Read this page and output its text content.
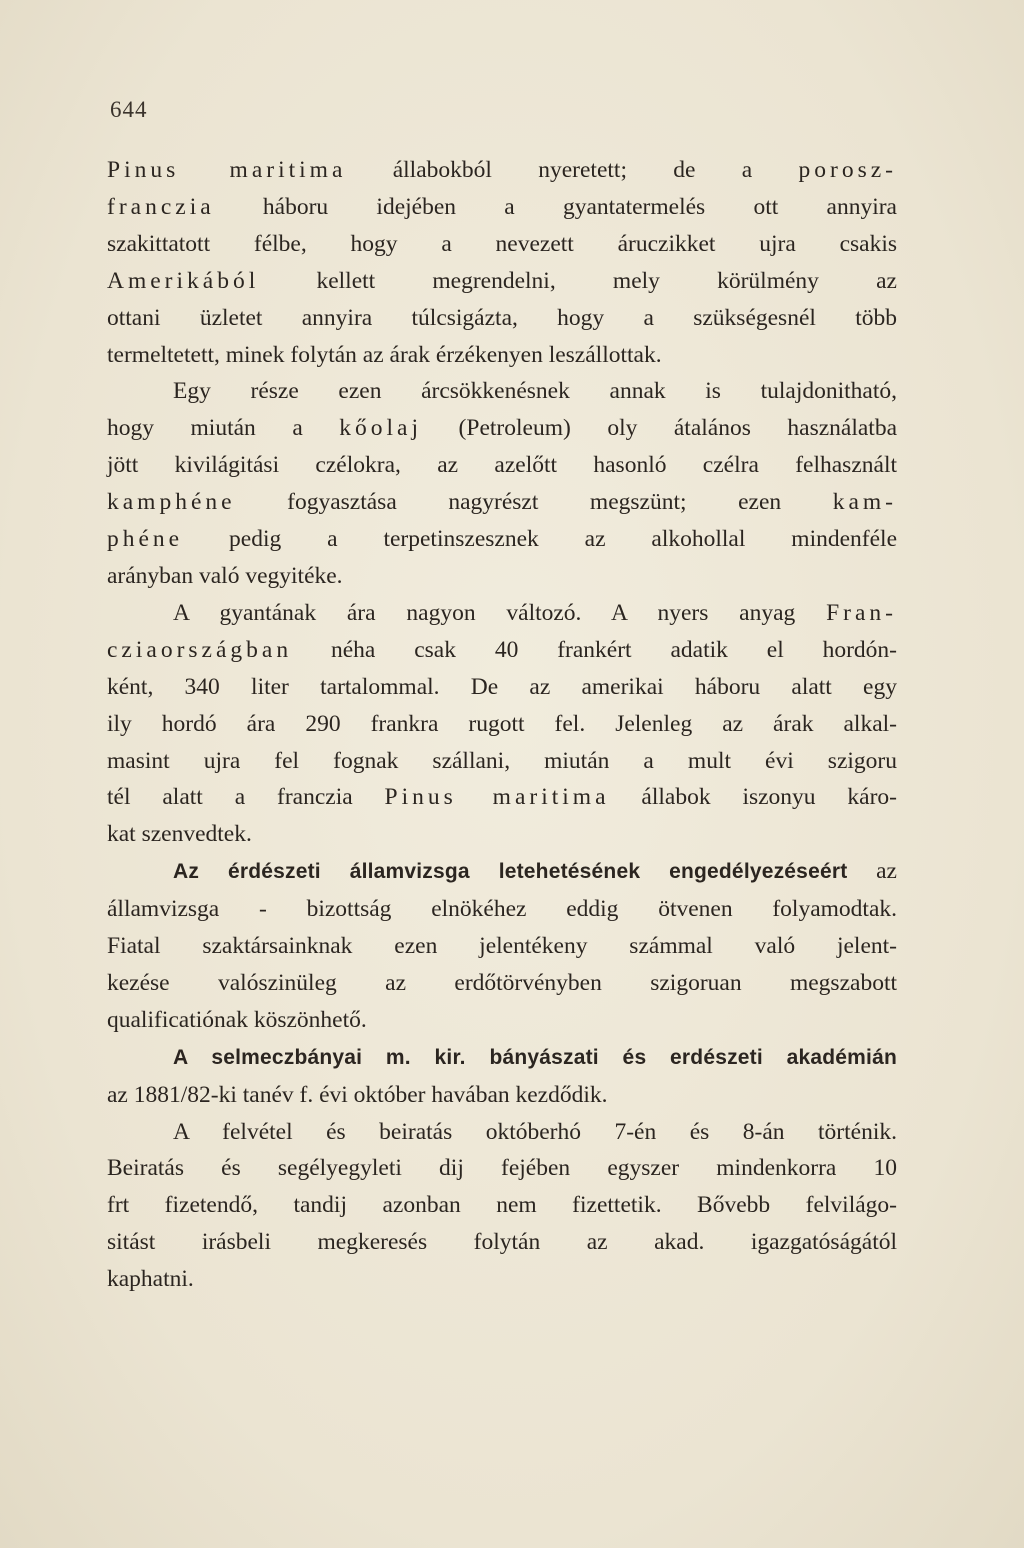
644
Pinus maritima állabokból nyeretett; de a porosz-
franczia háboru idejében a gyantatermelés ott annyira
szakittatott félbe, hogy a nevezett áruczikket ujra csakis
Amerikából kellett megrendelni, mely körülmény az
ottani üzletet annyira túlcsigázta, hogy a szükségesnél több
termeltetett, minek folytán az árak érzékenyen leszállottak.
Egy része ezen árcsökkenésnek annak is tulajdonitható,
hogy miután a kőolaj (Petroleum) oly átalános használatba
jött kivilágitási czélokra, az azelőtt hasonló czélra felhasznált
kamphéne fogyasztása nagyrészt megszünt; ezen kam-
phéne pedig a terpetinszesznek az alkohollal mindenféle
arányban való vegyitéke.
A gyantának ára nagyon változó. A nyers anyag Fran-
cziaországban néha csak 40 frankért adatik el hordón-
ként, 340 liter tartalommal. De az amerikai háboru alatt egy
ily hordó ára 290 frankra rugott fel. Jelenleg az árak alkal-
masint ujra fel fognak szállani, miután a mult évi szigoru
tél alatt a franczia Pinus maritima állabok iszonyu káro-
kat szenvedtek.
Az érdészeti államvizsga letehetésének engedélyezéseért az
államvizsga - bizottság elnökéhez eddig ötvenen folyamodtak.
Fiatal szaktársainknak ezen jelentékeny számmal való jelent-
kezése valószinüleg az erdőtörvényben szigoruan megszabott
qualificatiónak köszönhető.
A selmeczbányai m. kir. bányászati és erdészeti akadémián
az 1881/82-ki tanév f. évi október havában kezdődik.
A felvétel és beiratás októberhó 7-én és 8-án történik.
Beiratás és segélyegyleti dij fejében egyszer mindenkorra 10
frt fizetendő, tandij azonban nem fizettetik. Bővebb felvilágo-
sitást irásbeli megkeresés folytán az akad. igazgatóságától
kaphatni.
